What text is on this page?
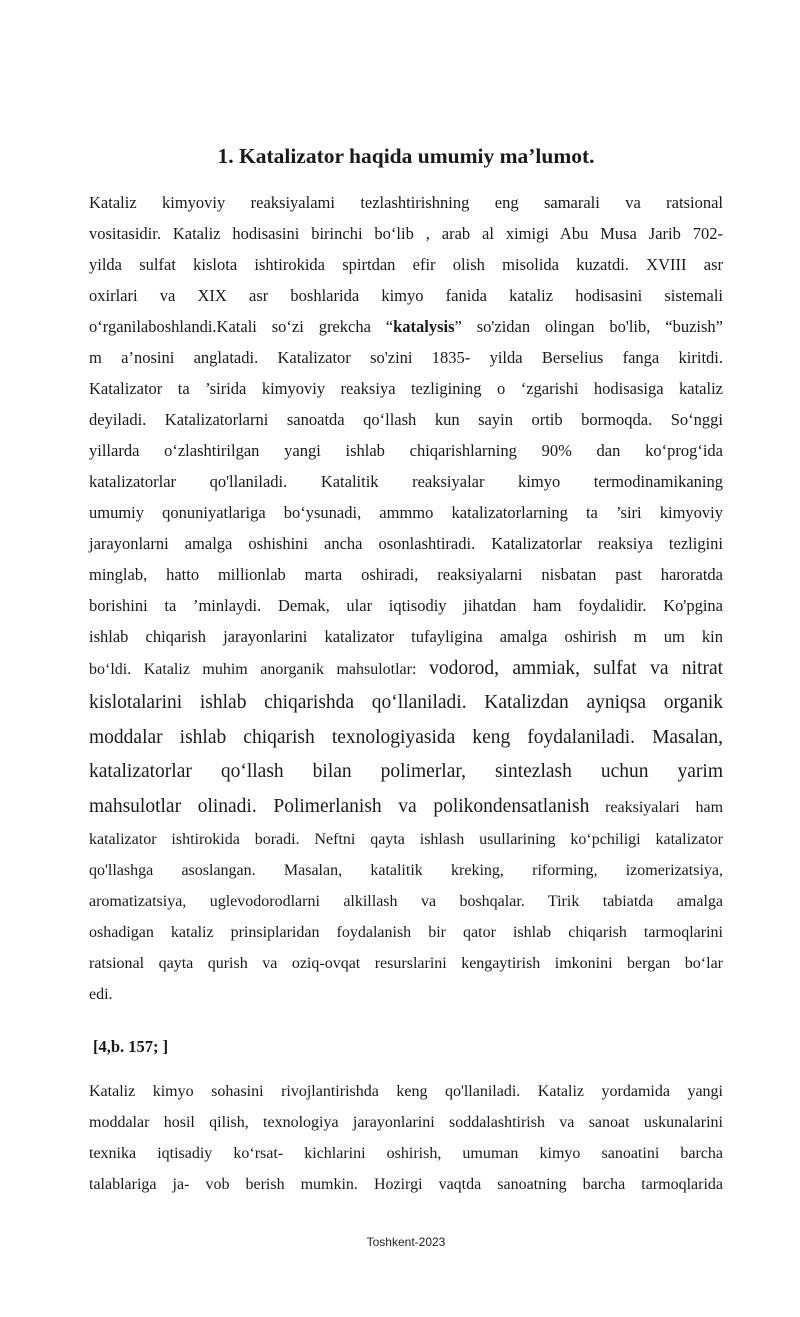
1. Katalizator haqida umumiy ma’lumot.
Kataliz kimyoviy reaksiyalami tezlashtirishning eng samarali va ratsional
vositasidir. Kataliz hodisasini birinchi bo‘lib , arab al ximigi Abu Musa Jarib 702-
yilda sulfat kislota ishtirokida spirtdan efir olish misolida kuzatdi. XVIII asr
oxirlari va XIX asr boshlarida kimyo fanida kataliz hodisasini sistemali
o‘rganilaboshlandi.Katali so‘zi grekcha “katalysis” so'zidan olingan bo'lib, “buzish”
m a’nosini anglatadi. Katalizator so'zini 1835- yilda Berselius fanga kiritdi.
Katalizator ta ’sirida kimyoviy reaksiya tezligining o ‘zgarishi hodisasiga kataliz
deyiladi. Katalizatorlarni sanoatda qo‘llash kun sayin ortib bormoqda. So‘nggi
yillarda o‘zlashtirilgan yangi ishlab chiqarishlarning 90% dan ko‘prog‘ida
katalizatorlar qo'llaniladi. Katalitik reaksiyalar kimyo termodinamikaning
umumiy qonuniyatlariga bo‘ysunadi, ammmo katalizatorlarning ta ’siri kimyoviy
jarayonlarni amalga oshishini ancha osonlashtiradi. Katalizatorlar reaksiya tezligini
minglab, hatto millionlab marta oshiradi, reaksiyalarni nisbatan past haroratda
borishini ta ’minlaydi. Demak, ular iqtisodiy jihatdan ham foydalidir. Ko'pgina
ishlab chiqarish jarayonlarini katalizator tufayligina amalga oshirish m um kin
bo‘ldi. Kataliz muhim anorganik mahsulotlar: vodorod, ammiak, sulfat va nitrat
kislotalarini ishlab chiqarishda qo‘llaniladi. Katalizdan ayniqsa organik
moddalar ishlab chiqarish texnologiyasida keng foydalaniladi. Masalan,
katalizatorlar qo‘llash bilan polimerlar, sintezlash uchun yarim
mahsulotlar olinadi. Polimerlanish va polikondensatlanish reaksiyalari ham
katalizator ishtirokida boradi. Neftni qayta ishlash usullarining ko‘pchiligi katalizator
qo'llashga asoslangan. Masalan, katalitik kreking, riforming, izomerizatsiya,
aromatizatsiya, uglevodorodlarni alkillash va boshqalar. Tirik tabiatda amalga
oshadigan kataliz prinsiplaridan foydalanish bir qator ishlab chiqarish tarmoqlarini
ratsional qayta qurish va oziq-ovqat resurslarini kengaytirish imkonini bergan bo‘lar
edi.

[4,b. 157; ]

Kataliz kimyo sohasini rivojlantirishda keng qo'llaniladi. Kataliz yordamida yangi
moddalar hosil qilish, texnologiya jarayonlarini soddalashtirish va sanoat uskunalarini
texnika iqtisadiy ko‘rsat- kichlarini oshirish, umuman kimyo sanoatini barcha
talablariga ja- vob berish mumkin. Hozirgi vaqtda sanoatning barcha tarmoqlarida
Toshkent-2023
